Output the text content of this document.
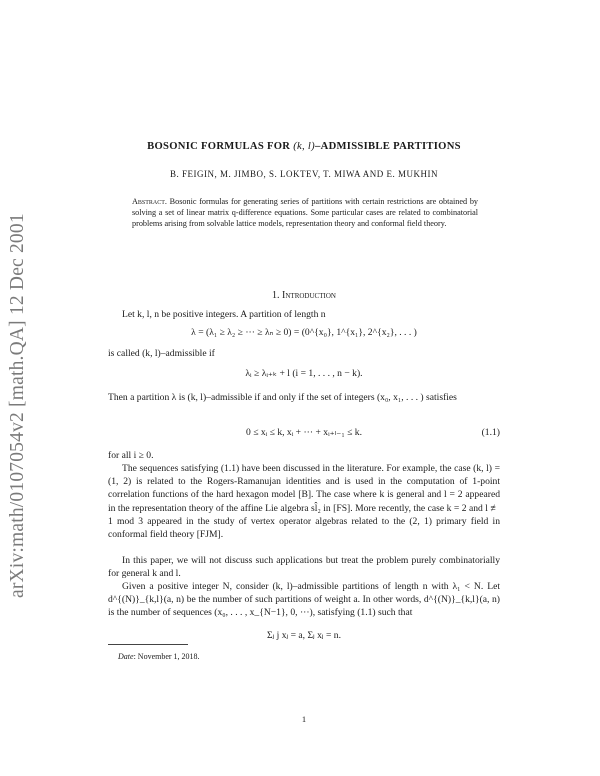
arXiv:math/0107054v2 [math.QA] 12 Dec 2001
BOSONIC FORMULAS FOR (k, l)–ADMISSIBLE PARTITIONS
B. FEIGIN, M. JIMBO, S. LOKTEV, T. MIWA AND E. MUKHIN
Abstract. Bosonic formulas for generating series of partitions with certain restrictions are obtained by solving a set of linear matrix q-difference equations. Some particular cases are related to combinatorial problems arising from solvable lattice models, representation theory and conformal field theory.
1. Introduction
Let k, l, n be positive integers. A partition of length n
λ = (λ₁ ≥ λ₂ ≥ ··· ≥ λₙ ≥ 0) = (0^{x₀}, 1^{x₁}, 2^{x₂}, . . . )
is called (k, l)–admissible if
λᵢ ≥ λᵢ₊ₖ + l (i = 1, . . . , n − k).
Then a partition λ is (k, l)–admissible if and only if the set of integers (x₀, x₁, . . . ) satisfies
0 ≤ xᵢ ≤ k, xᵢ + ··· + xᵢ₊ₗ₋₁ ≤ k.	(1.1)
for all i ≥ 0.
The sequences satisfying (1.1) have been discussed in the literature. For example, the case (k, l) = (1, 2) is related to the Rogers-Ramanujan identities and is used in the computation of 1-point correlation functions of the hard hexagon model [B]. The case where k is general and l = 2 appeared in the representation theory of the affine Lie algebra sl̂₂ in [FS]. More recently, the case k = 2 and l ≢ 1 mod 3 appeared in the study of vertex operator algebras related to the (2, 1) primary field in conformal field theory [FJM].
In this paper, we will not discuss such applications but treat the problem purely combinatorially for general k and l.
Given a positive integer N, consider (k, l)–admissible partitions of length n with λ₁ < N. Let d^{(N)}_{k,l}(a, n) be the number of such partitions of weight a. In other words, d^{(N)}_{k,l}(a, n) is the number of sequences (x₀, . . . , x_{N−1}, 0, ···), satisfying (1.1) such that
Σⱼ j xⱼ = a, Σⱼ xⱼ = n.
Date: November 1, 2018.
1
